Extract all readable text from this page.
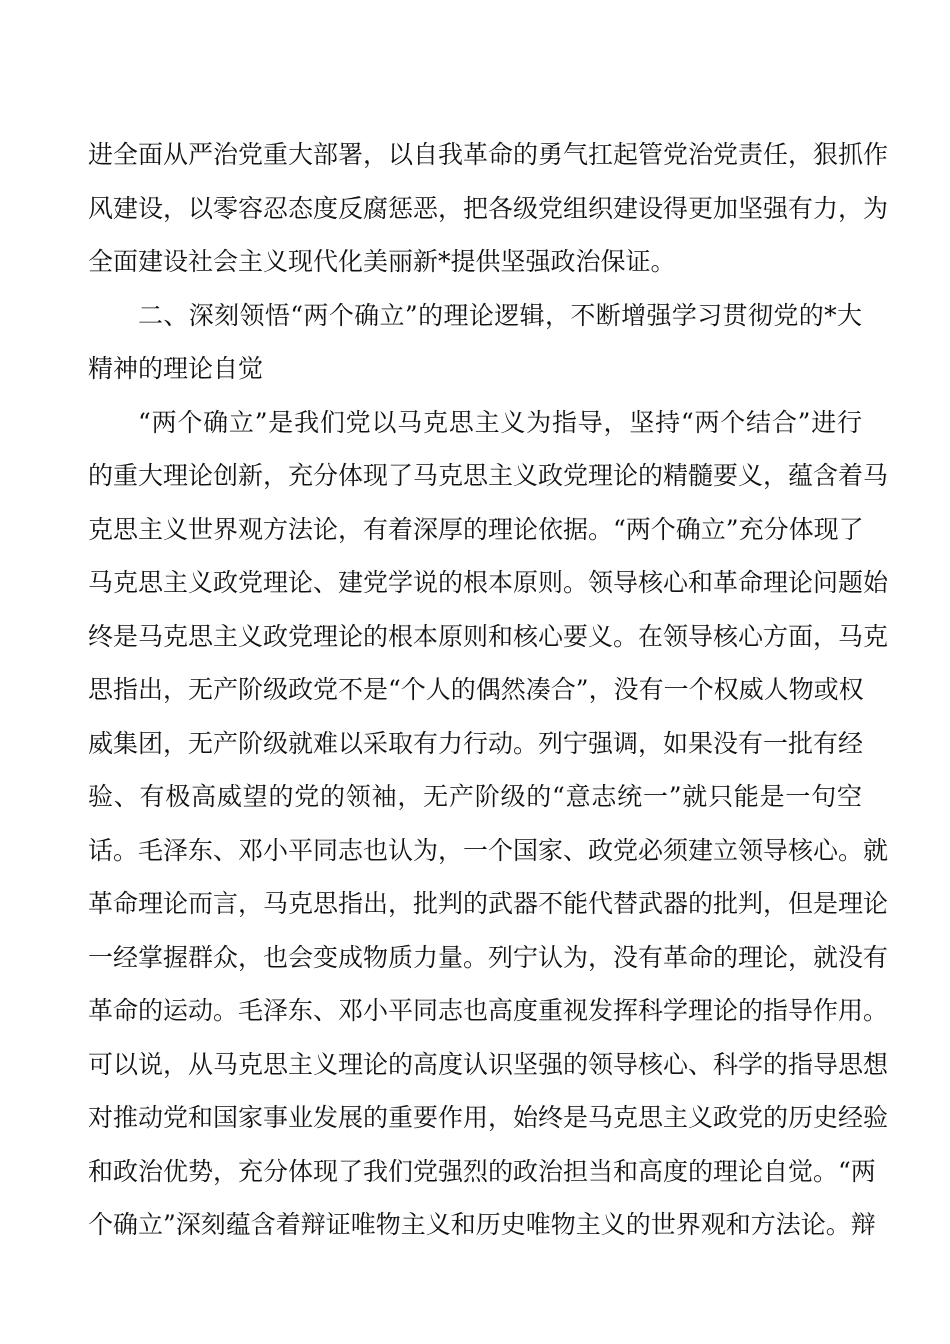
进全面从严治党重大部署，以自我革命的勇气扛起管党治党责任，狠抓作
风建设，以零容忍态度反腐惩恶，把各级党组织建设得更加坚强有力，为
全面建设社会主义现代化美丽新*提供坚强政治保证。
二、深刻领悟“两个确立”的理论逻辑，不断增强学习贯彻党的*大
精神的理论自觉
“两个确立”是我们党以马克思主义为指导，坚持“两个结合”进行
的重大理论创新，充分体现了马克思主义政党理论的精髓要义，蕴含着马
克思主义世界观方法论，有着深厚的理论依据。“两个确立”充分体现了
马克思主义政党理论、建党学说的根本原则。领导核心和革命理论问题始
终是马克思主义政党理论的根本原则和核心要义。在领导核心方面，马克
思指出，无产阶级政党不是“个人的偶然凑合”，没有一个权威人物或权
威集团，无产阶级就难以采取有力行动。列宁强调，如果没有一批有经
验、有极高威望的党的领袖，无产阶级的“意志统一”就只能是一句空
话。毛泽东、邓小平同志也认为，一个国家、政党必须建立领导核心。就
革命理论而言，马克思指出，批判的武器不能代替武器的批判，但是理论
一经掌握群众，也会变成物质力量。列宁认为，没有革命的理论，就没有
革命的运动。毛泽东、邓小平同志也高度重视发挥科学理论的指导作用。
可以说，从马克思主义理论的高度认识坚强的领导核心、科学的指导思想
对推动党和国家事业发展的重要作用，始终是马克思主义政党的历史经验
和政治优势，充分体现了我们党强烈的政治担当和高度的理论自觉。“两
个确立”深刻蕴含着辩证唯物主义和历史唯物主义的世界观和方法论。辩
